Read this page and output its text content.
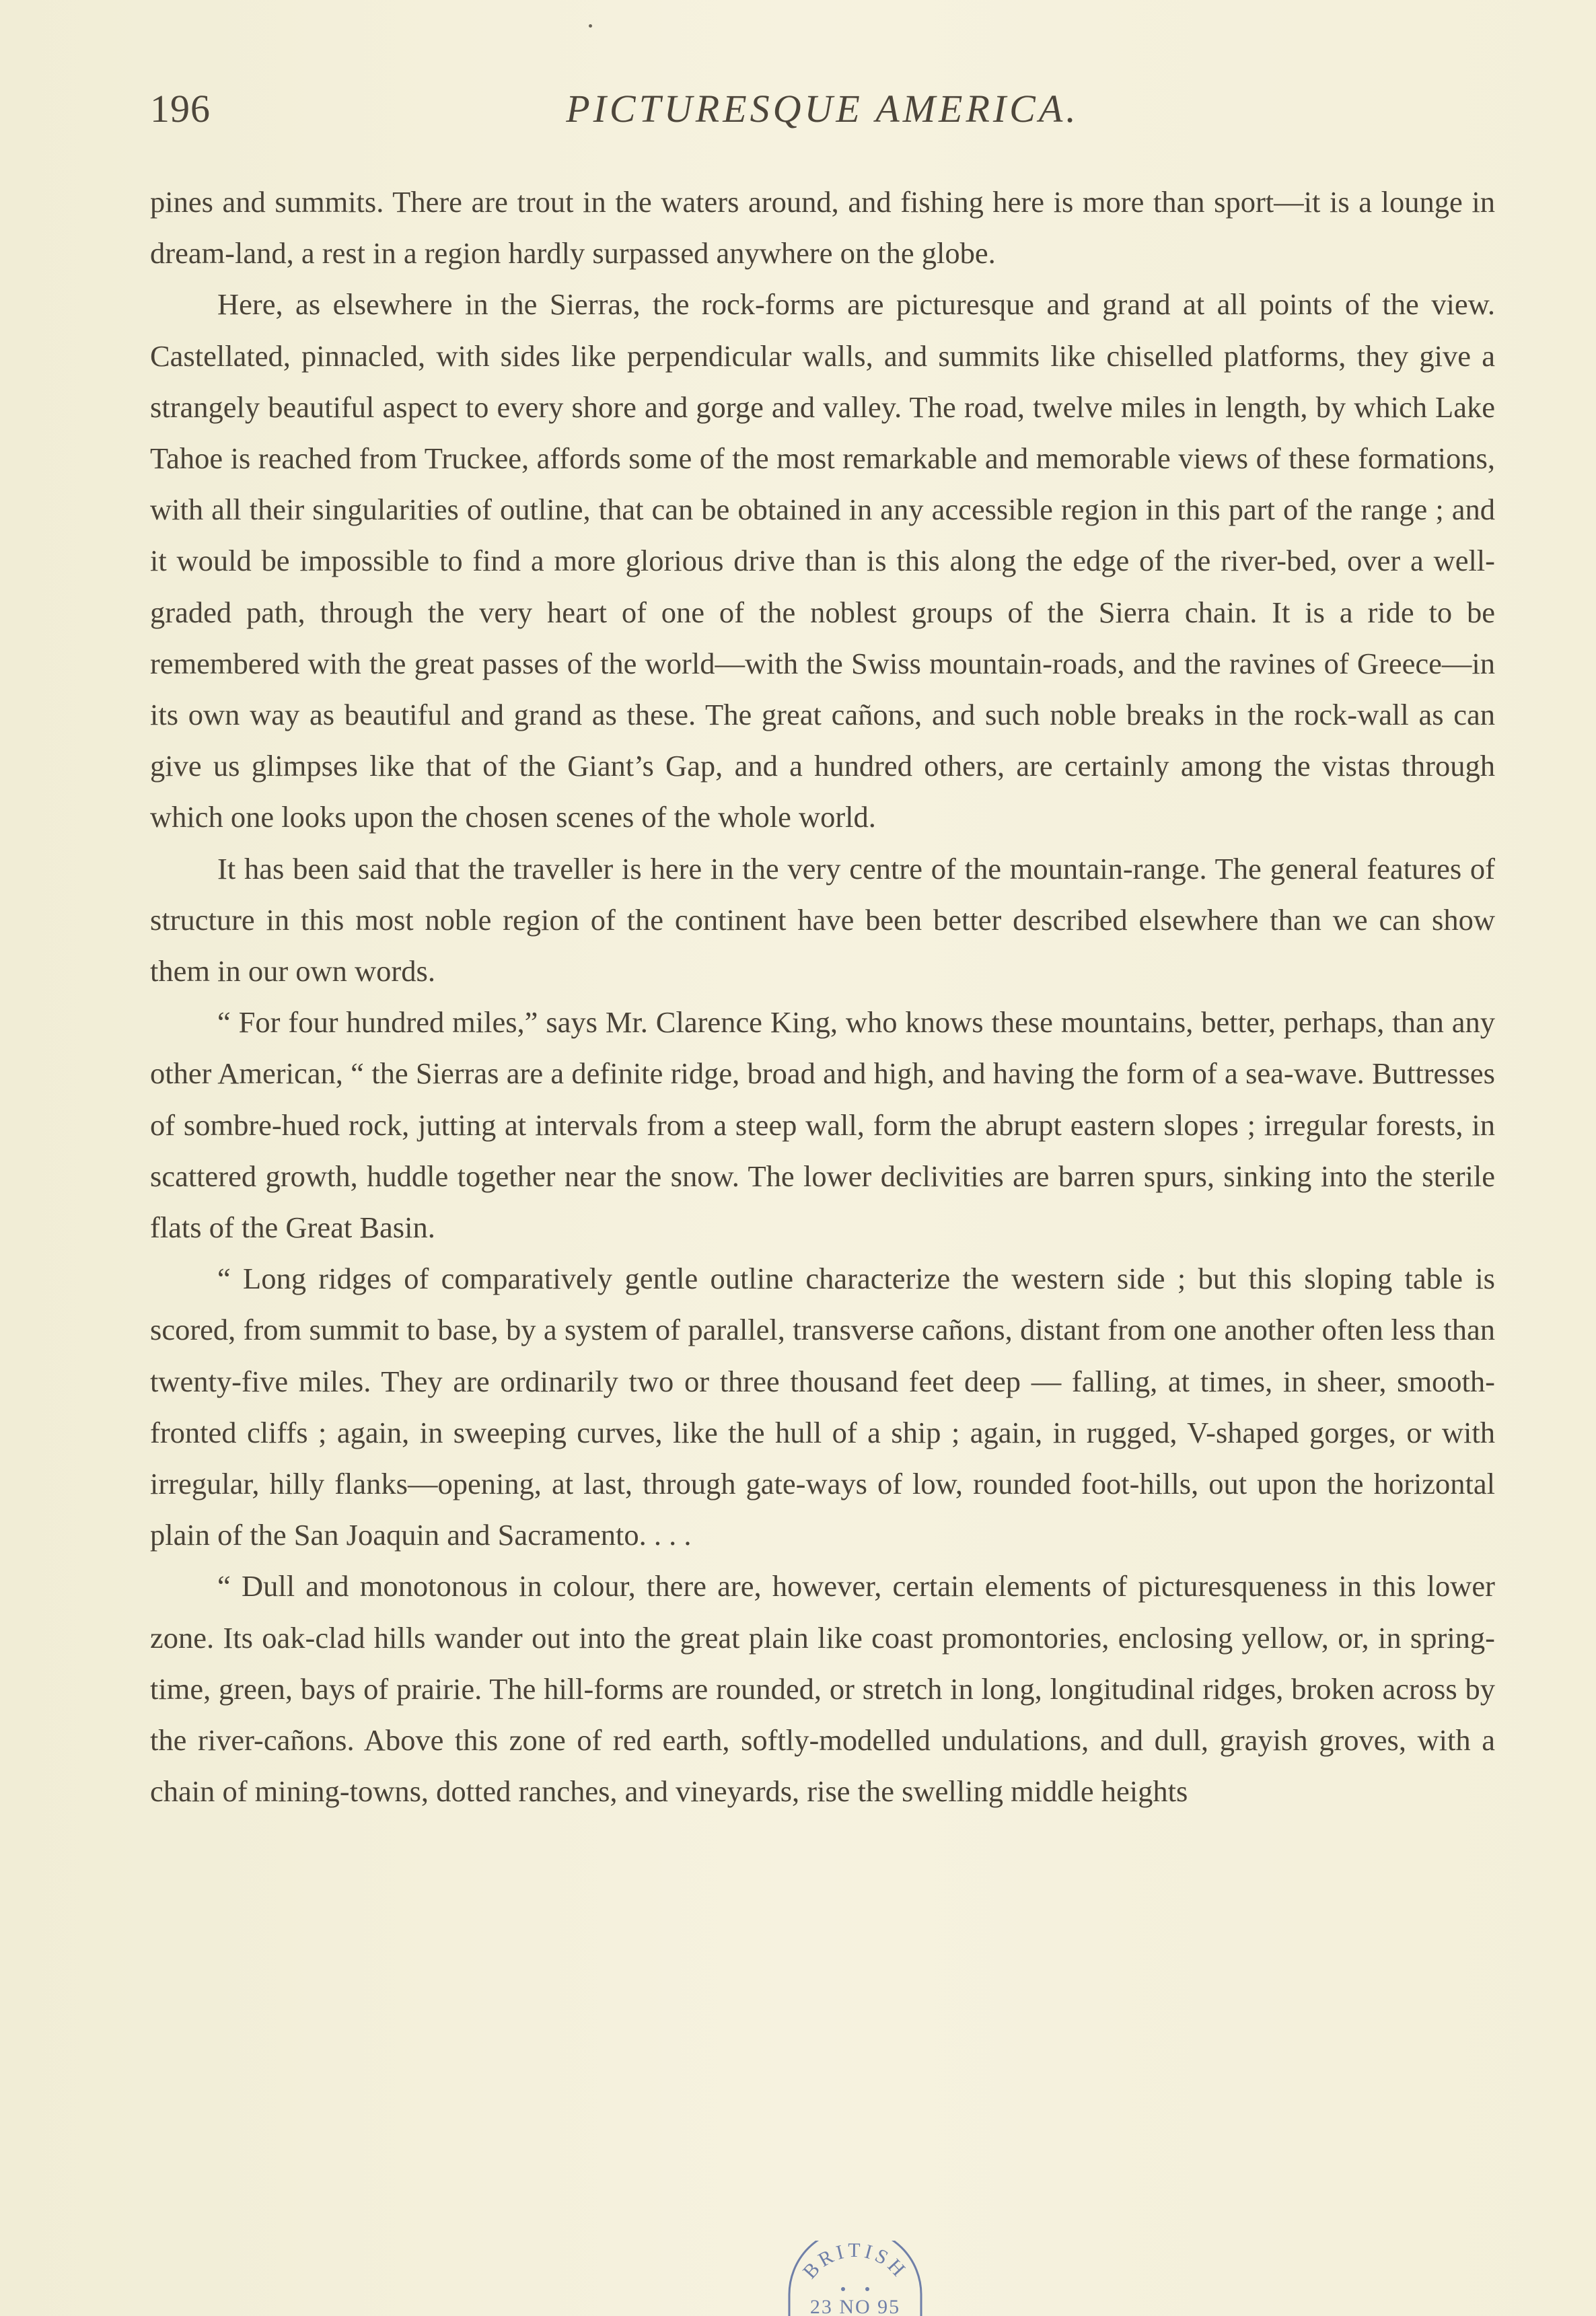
196	PICTURESQUE AMERICA.

pines and summits. There are trout in the waters around, and fishing here is more than sport—it is a lounge in dream-land, a rest in a region hardly surpassed anywhere on the globe.

Here, as elsewhere in the Sierras, the rock-forms are picturesque and grand at all points of the view. Castellated, pinnacled, with sides like perpendicular walls, and summits like chiselled platforms, they give a strangely beautiful aspect to every shore and gorge and valley. The road, twelve miles in length, by which Lake Tahoe is reached from Truckee, affords some of the most remarkable and memorable views of these formations, with all their singularities of outline, that can be obtained in any accessible region in this part of the range ; and it would be impossible to find a more glorious drive than is this along the edge of the river-bed, over a well-graded path, through the very heart of one of the noblest groups of the Sierra chain. It is a ride to be remembered with the great passes of the world—with the Swiss mountain-roads, and the ravines of Greece—in its own way as beautiful and grand as these. The great cañons, and such noble breaks in the rock-wall as can give us glimpses like that of the Giant’s Gap, and a hundred others, are certainly among the vistas through which one looks upon the chosen scenes of the whole world.

It has been said that the traveller is here in the very centre of the mountain-range. The general features of structure in this most noble region of the continent have been better described elsewhere than we can show them in our own words.

“ For four hundred miles,” says Mr. Clarence King, who knows these mountains, better, perhaps, than any other American, “ the Sierras are a definite ridge, broad and high, and having the form of a sea-wave. Buttresses of sombre-hued rock, jutting at intervals from a steep wall, form the abrupt eastern slopes ; irregular forests, in scattered growth, huddle together near the snow. The lower declivities are barren spurs, sinking into the sterile flats of the Great Basin.

“ Long ridges of comparatively gentle outline characterize the western side ; but this sloping table is scored, from summit to base, by a system of parallel, transverse cañons, distant from one another often less than twenty-five miles. They are ordinarily two or three thousand feet deep — falling, at times, in sheer, smooth-fronted cliffs ; again, in sweeping curves, like the hull of a ship ; again, in rugged, V-shaped gorges, or with irregular, hilly flanks—opening, at last, through gate-ways of low, rounded foot-hills, out upon the horizontal plain of the San Joaquin and Sacramento. . . .

“ Dull and monotonous in colour, there are, however, certain elements of picturesqueness in this lower zone. Its oak-clad hills wander out into the great plain like coast promontories, enclosing yellow, or, in spring-time, green, bays of prairie. The hill-forms are rounded, or stretch in long, longitudinal ridges, broken across by the river-cañons. Above this zone of red earth, softly-modelled undulations, and dull, grayish groves, with a chain of mining-towns, dotted ranches, and vineyards, rise the swelling middle heights

BRITISH
23 NO 95
